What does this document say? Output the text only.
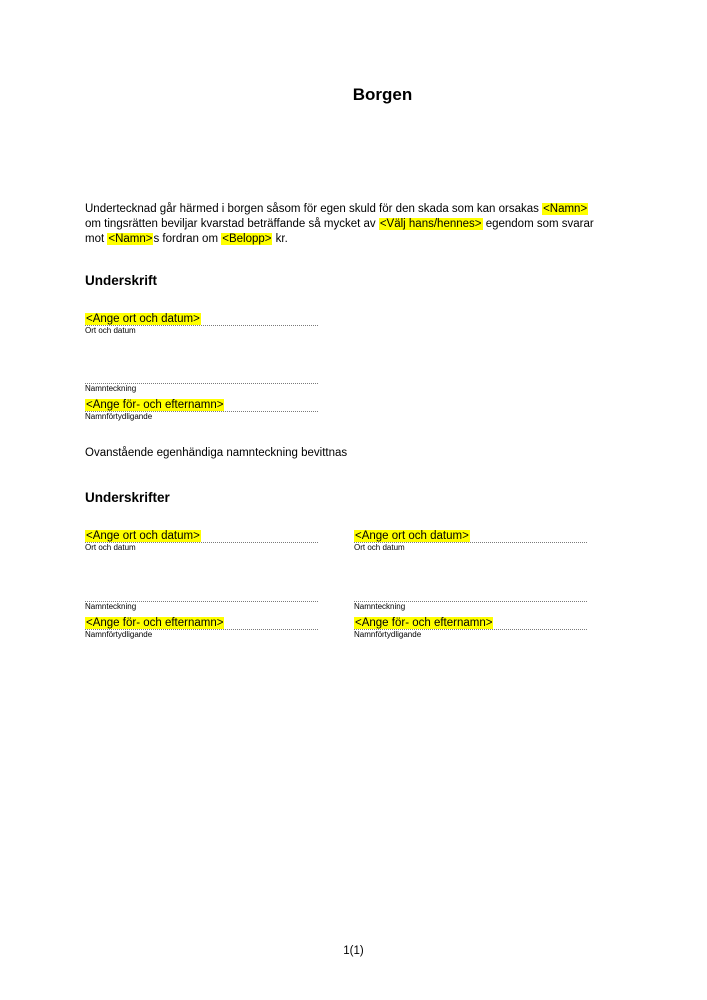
Borgen

Undertecknad går härmed i borgen såsom för egen skuld för den skada som kan orsakas <Namn>
om tingsrätten beviljar kvarstad beträffande så mycket av <Välj hans/hennes> egendom som svarar
mot <Namn>s fordran om <Belopp> kr.

Underskrift
<Ange ort och datum>
Ort och datum
Namnteckning
<Ange för- och efternamn>
Namnförtydligande

Ovanstående egenhändiga namnteckning bevittnas

Underskrifter
<Ange ort och datum>
Ort och datum
Namnteckning
<Ange för- och efternamn>
Namnförtydligande
<Ange ort och datum>
Ort och datum
Namnteckning
<Ange för- och efternamn>
Namnförtydligande
1(1)
